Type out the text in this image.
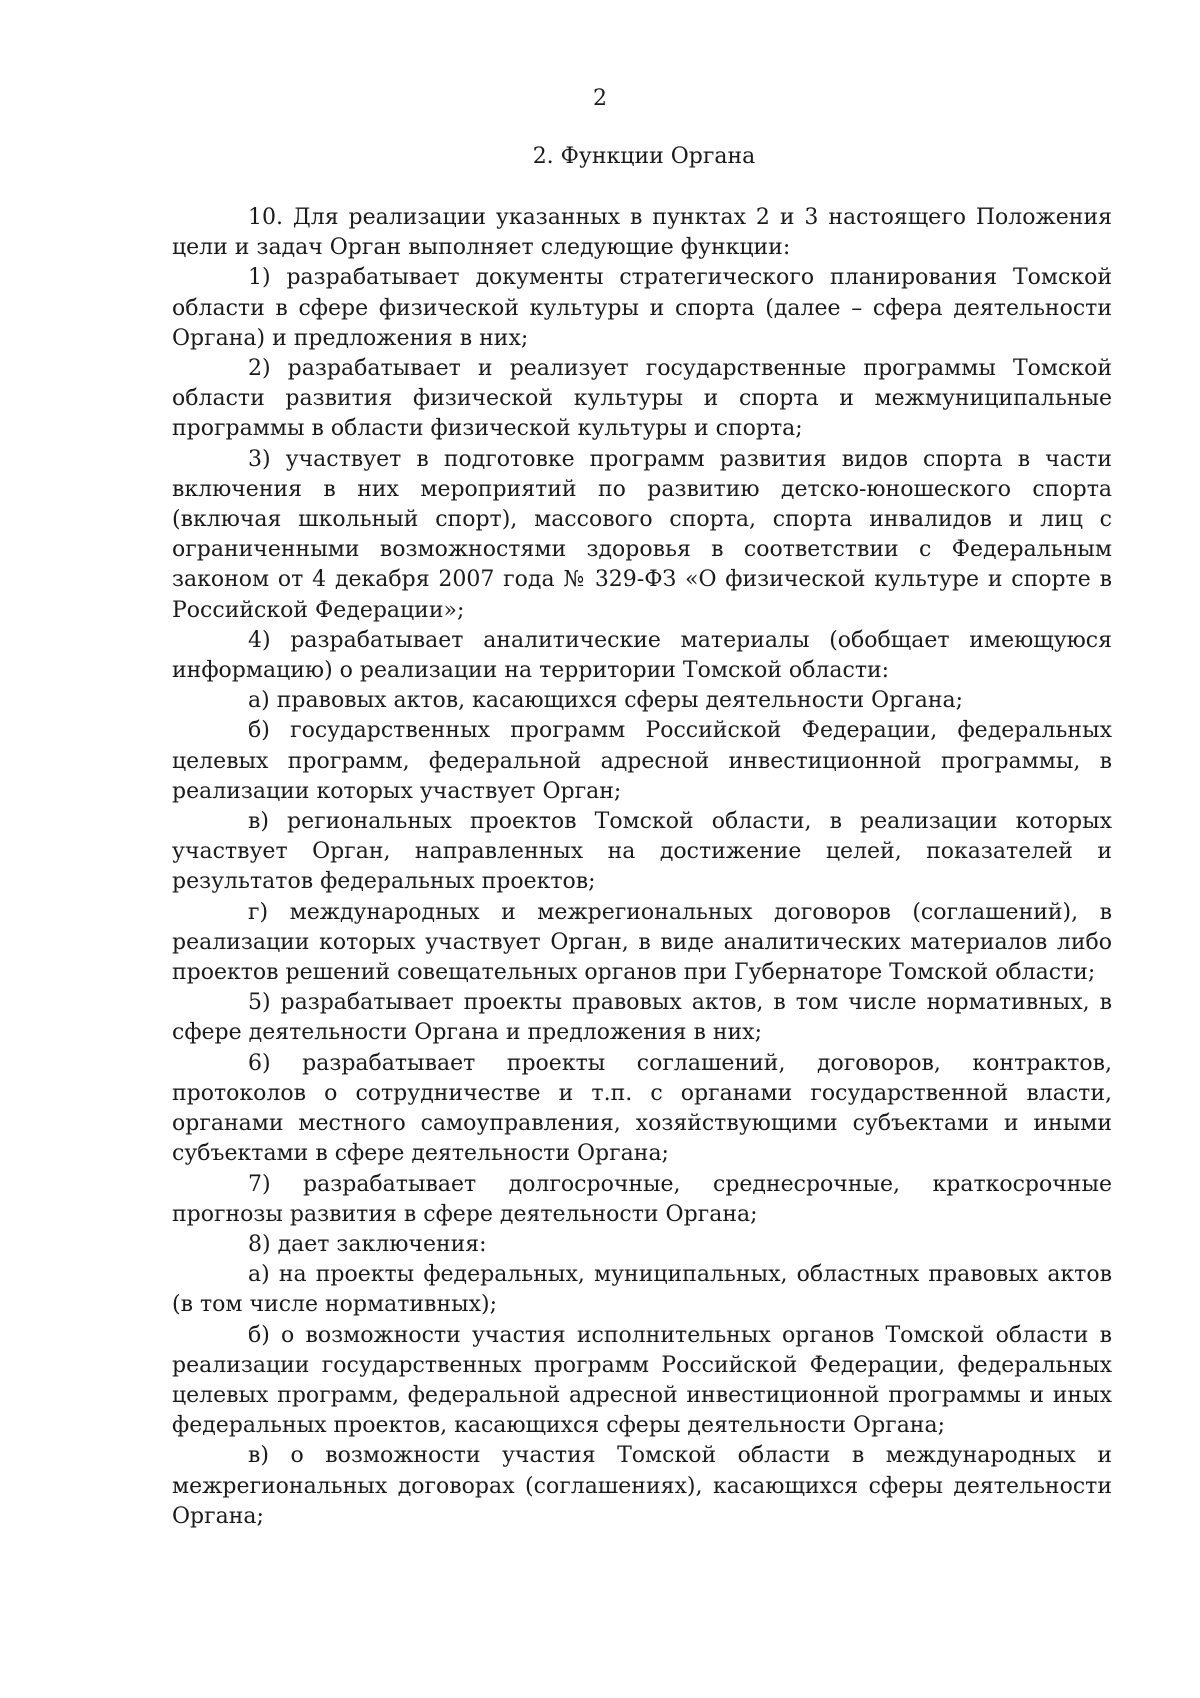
2
2. Функции Органа

10. Для реализации указанных в пунктах 2 и 3 настоящего Положения цели и задач Орган выполняет следующие функции:

1) разрабатывает документы стратегического планирования Томской области в сфере физической культуры и спорта (далее – сфера деятельности Органа) и предложения в них;

2) разрабатывает и реализует государственные программы Томской области развития физической культуры и спорта и межмуниципальные программы в области физической культуры и спорта;

3) участвует в подготовке программ развития видов спорта в части включения в них мероприятий по развитию детско-юношеского спорта (включая школьный спорт), массового спорта, спорта инвалидов и лиц с ограниченными возможностями здоровья в соответствии с Федеральным законом от 4 декабря 2007 года № 329-ФЗ «О физической культуре и спорте в Российской Федерации»;

4) разрабатывает аналитические материалы (обобщает имеющуюся информацию) о реализации на территории Томской области:

а) правовых актов, касающихся сферы деятельности Органа;

б) государственных программ Российской Федерации, федеральных целевых программ, федеральной адресной инвестиционной программы, в реализации которых участвует Орган;

в) региональных проектов Томской области, в реализации которых участвует Орган, направленных на достижение целей, показателей и результатов федеральных проектов;

г) международных и межрегиональных договоров (соглашений), в реализации которых участвует Орган, в виде аналитических материалов либо проектов решений совещательных органов при Губернаторе Томской области;

5) разрабатывает проекты правовых актов, в том числе нормативных, в сфере деятельности Органа и предложения в них;

6) разрабатывает проекты соглашений, договоров, контрактов, протоколов о сотрудничестве и т.п. с органами государственной власти, органами местного самоуправления, хозяйствующими субъектами и иными субъектами в сфере деятельности Органа;

7) разрабатывает долгосрочные, среднесрочные, краткосрочные прогнозы развития в сфере деятельности Органа;

8) дает заключения:

а) на проекты федеральных, муниципальных, областных правовых актов (в том числе нормативных);

б) о возможности участия исполнительных органов Томской области в реализации государственных программ Российской Федерации, федеральных целевых программ, федеральной адресной инвестиционной программы и иных федеральных проектов, касающихся сферы деятельности Органа;

в) о возможности участия Томской области в международных и межрегиональных договорах (соглашениях), касающихся сферы деятельности Органа;
